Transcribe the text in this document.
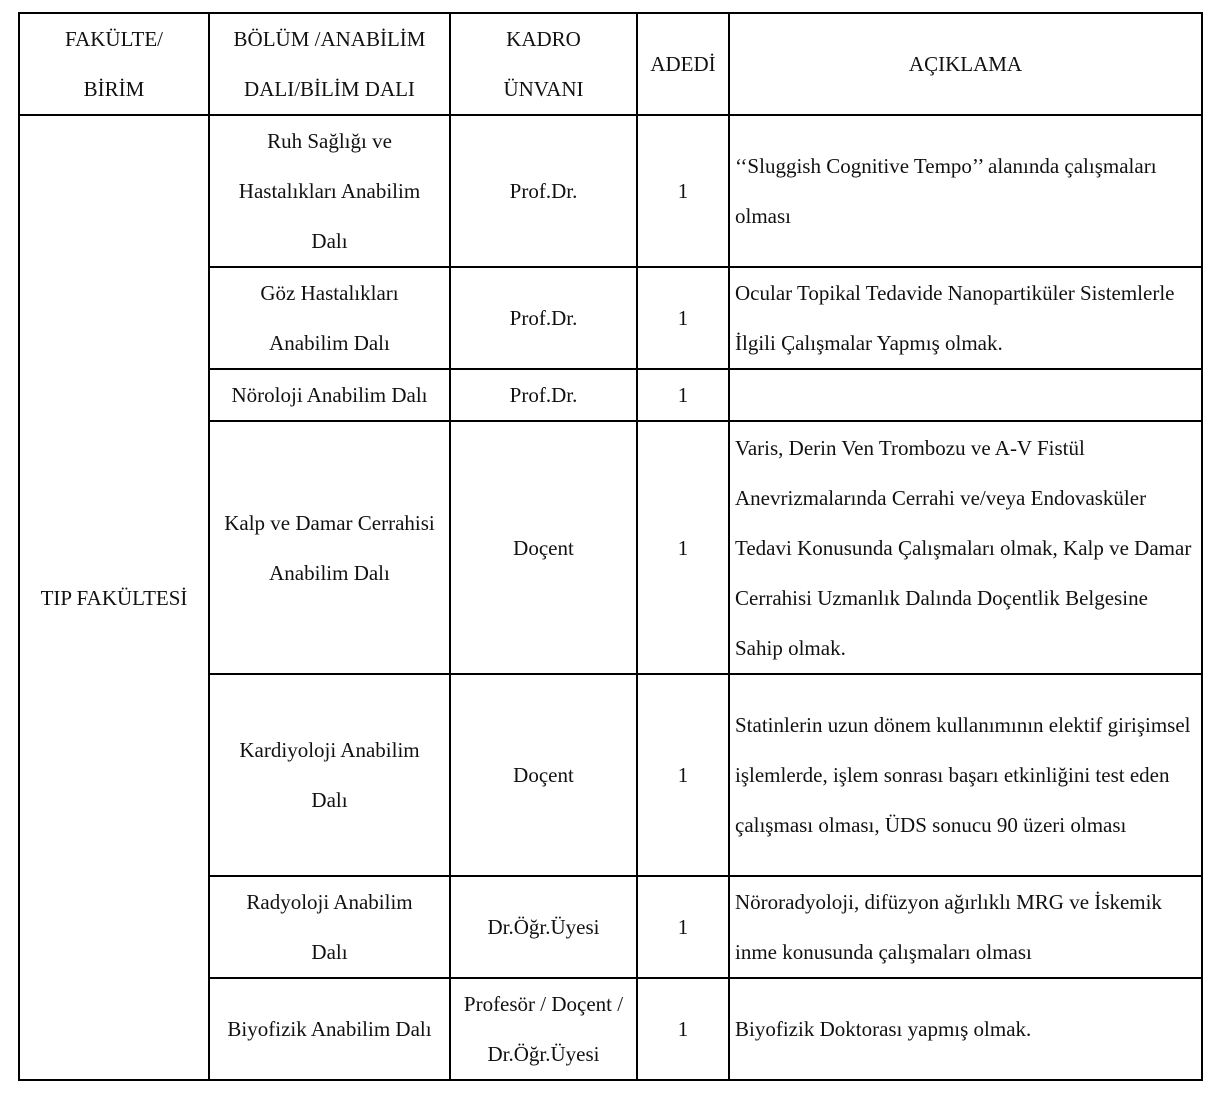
FAKÜLTE/ BİRİM	BÖLÜM /ANABİLİM DALI/BİLİM DALI	KADRO ÜNVANI	ADEDİ	AÇIKLAMA

TIP FAKÜLTESİ	Ruh Sağlığı ve Hastalıkları Anabilim Dalı	Prof.Dr.	1	‘‘Sluggish Cognitive Tempo’’ alanında çalışmaları olması

	Göz Hastalıkları Anabilim Dalı	Prof.Dr.	1	Ocular Topikal Tedavide Nanopartiküler Sistemlerle İlgili Çalışmalar Yapmış olmak.

	Nöroloji Anabilim Dalı	Prof.Dr.	1	

	Kalp ve Damar Cerrahisi Anabilim Dalı	Doçent	1	Varis, Derin Ven Trombozu ve A-V Fistül Anevrizmalarında Cerrahi ve/veya Endovasküler Tedavi Konusunda Çalışmaları olmak, Kalp ve Damar Cerrahisi Uzmanlık Dalında Doçentlik Belgesine Sahip olmak.

	Kardiyoloji Anabilim Dalı	Doçent	1	Statinlerin uzun dönem kullanımının elektif girişimsel işlemlerde, işlem sonrası başarı etkinliğini test eden çalışması olması, ÜDS sonucu 90 üzeri olması

	Radyoloji Anabilim Dalı	Dr.Öğr.Üyesi	1	Nöroradyoloji, difüzyon ağırlıklı MRG ve İskemik inme konusunda çalışmaları olması

	Biyofizik Anabilim Dalı	Profesör / Doçent / Dr.Öğr.Üyesi	1	Biyofizik Doktorası yapmış olmak.
